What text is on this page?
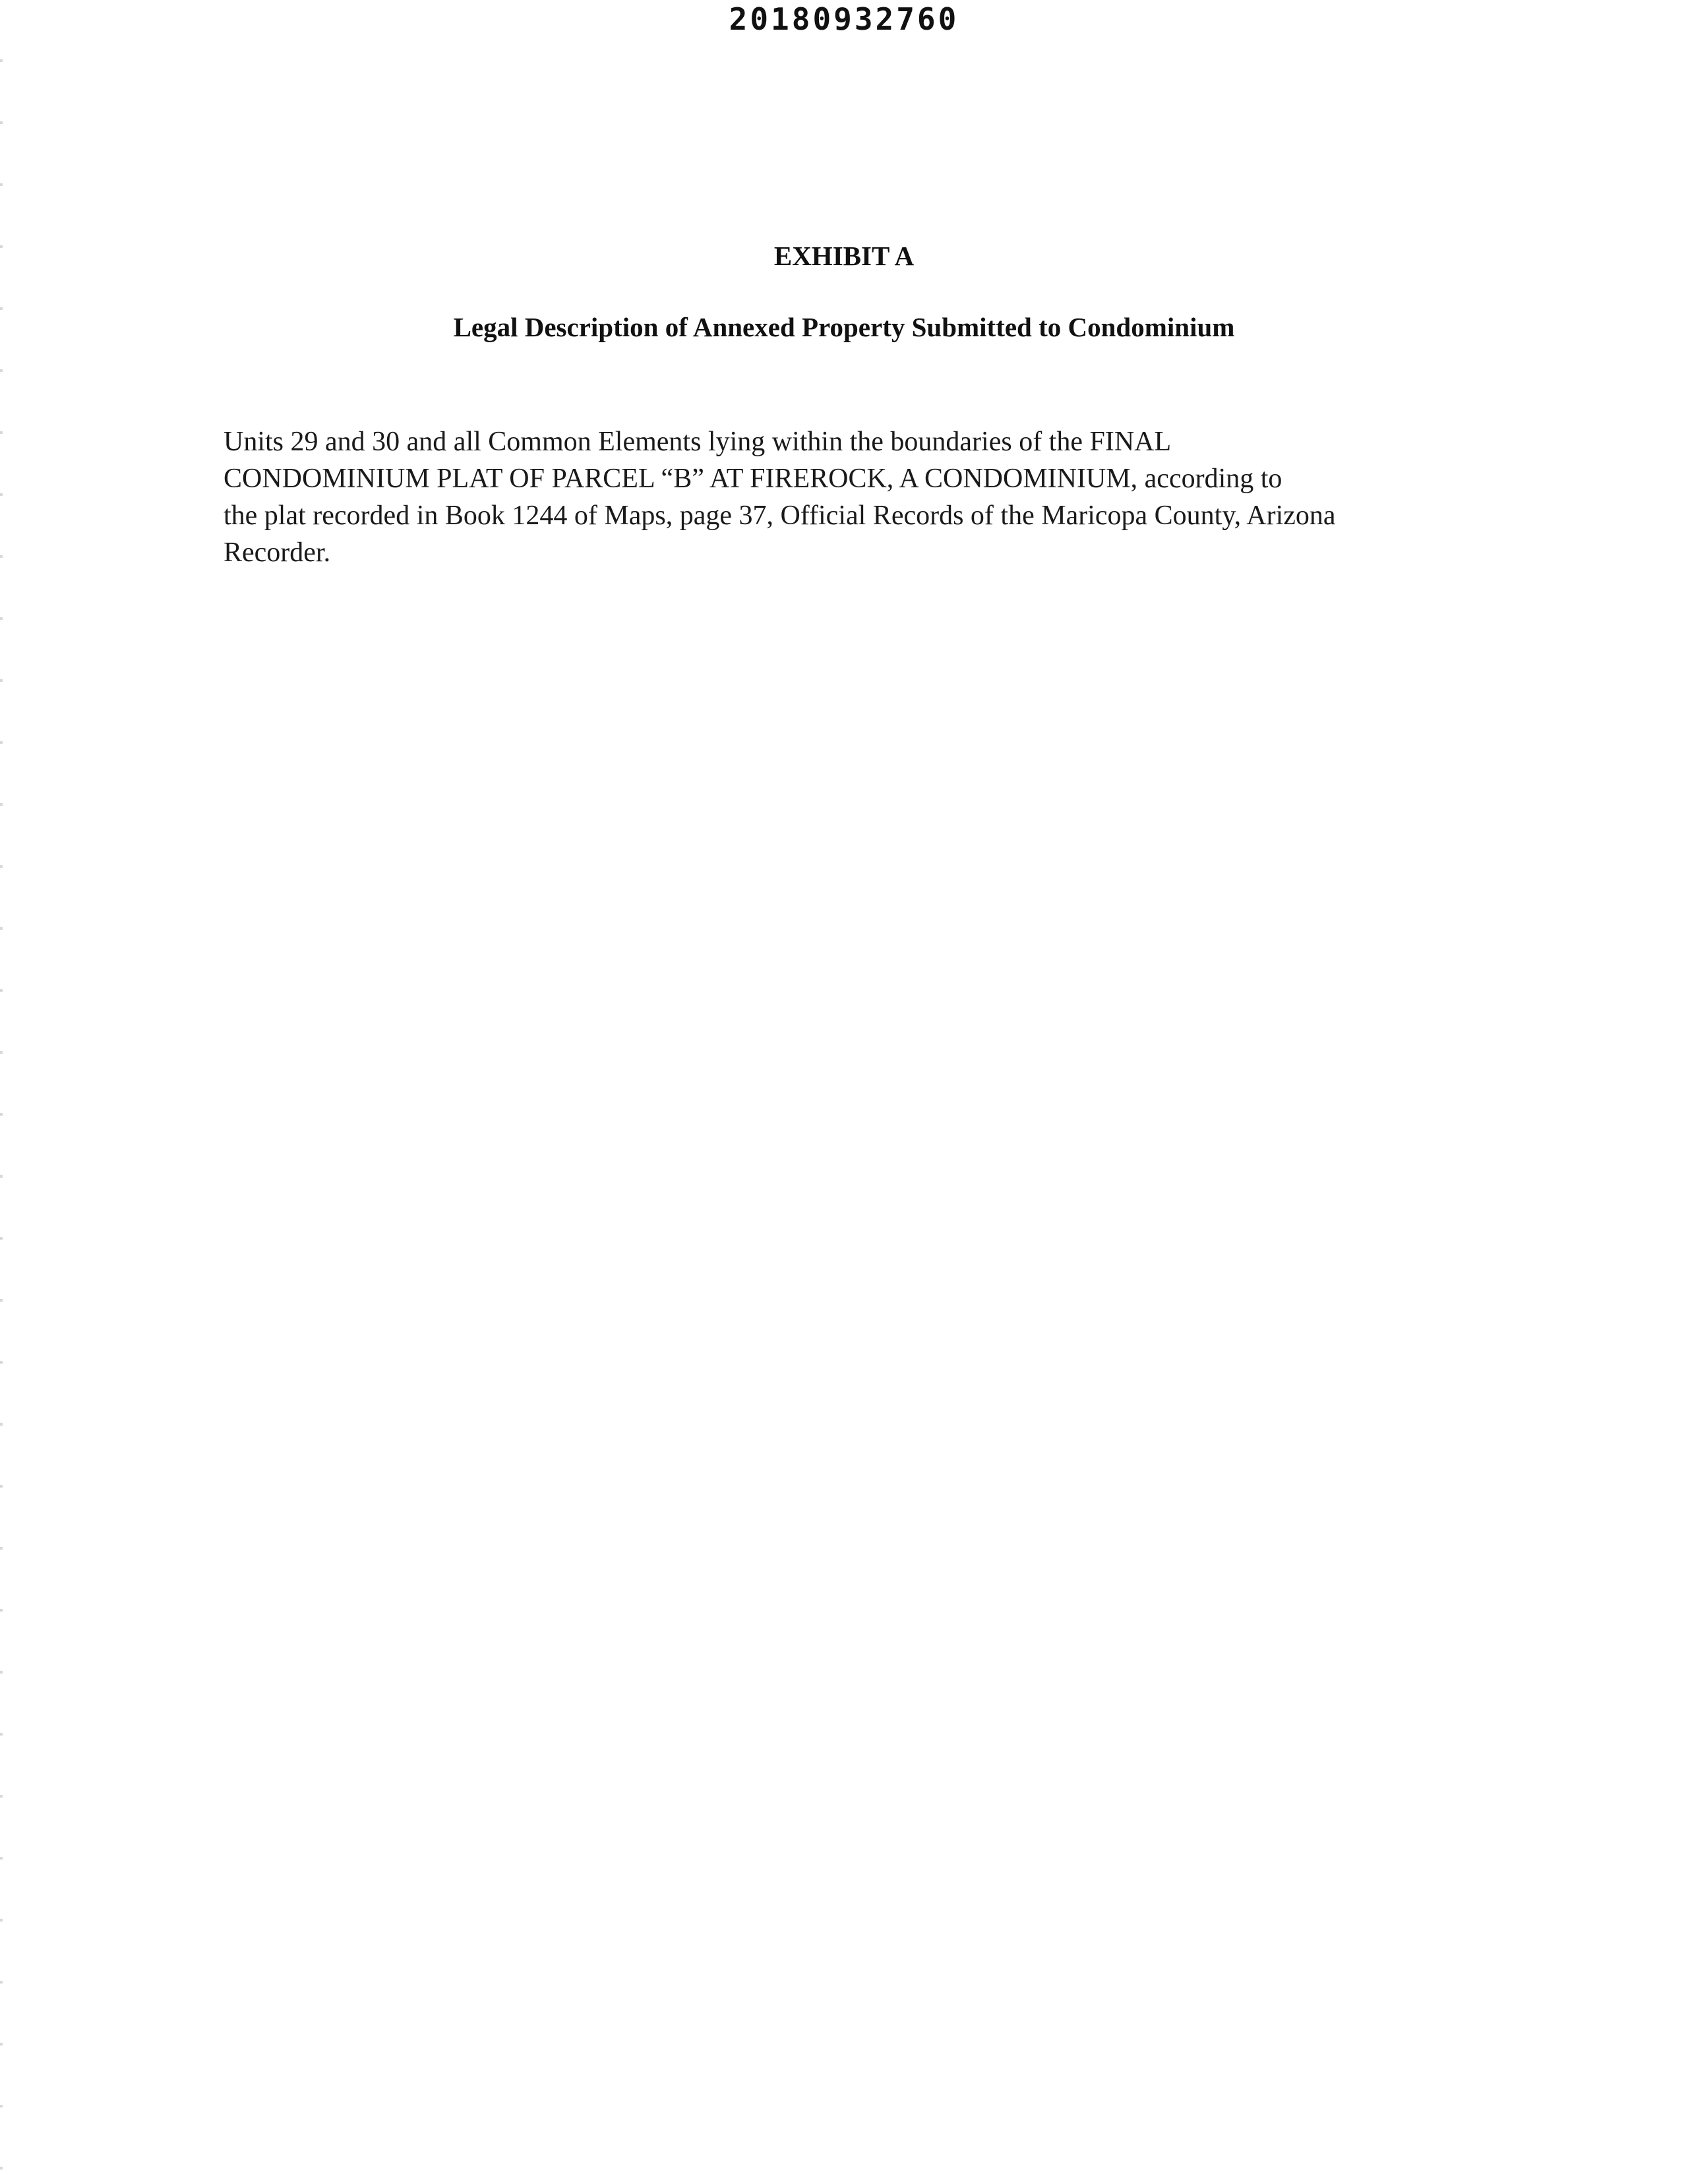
20180932760
EXHIBIT A
Legal Description of Annexed Property Submitted to Condominium
Units 29 and 30 and all Common Elements lying within the boundaries of the FINAL
CONDOMINIUM PLAT OF PARCEL “B” AT FIREROCK, A CONDOMINIUM, according to
the plat recorded in Book 1244 of Maps, page 37, Official Records of the Maricopa County, Arizona
Recorder.
